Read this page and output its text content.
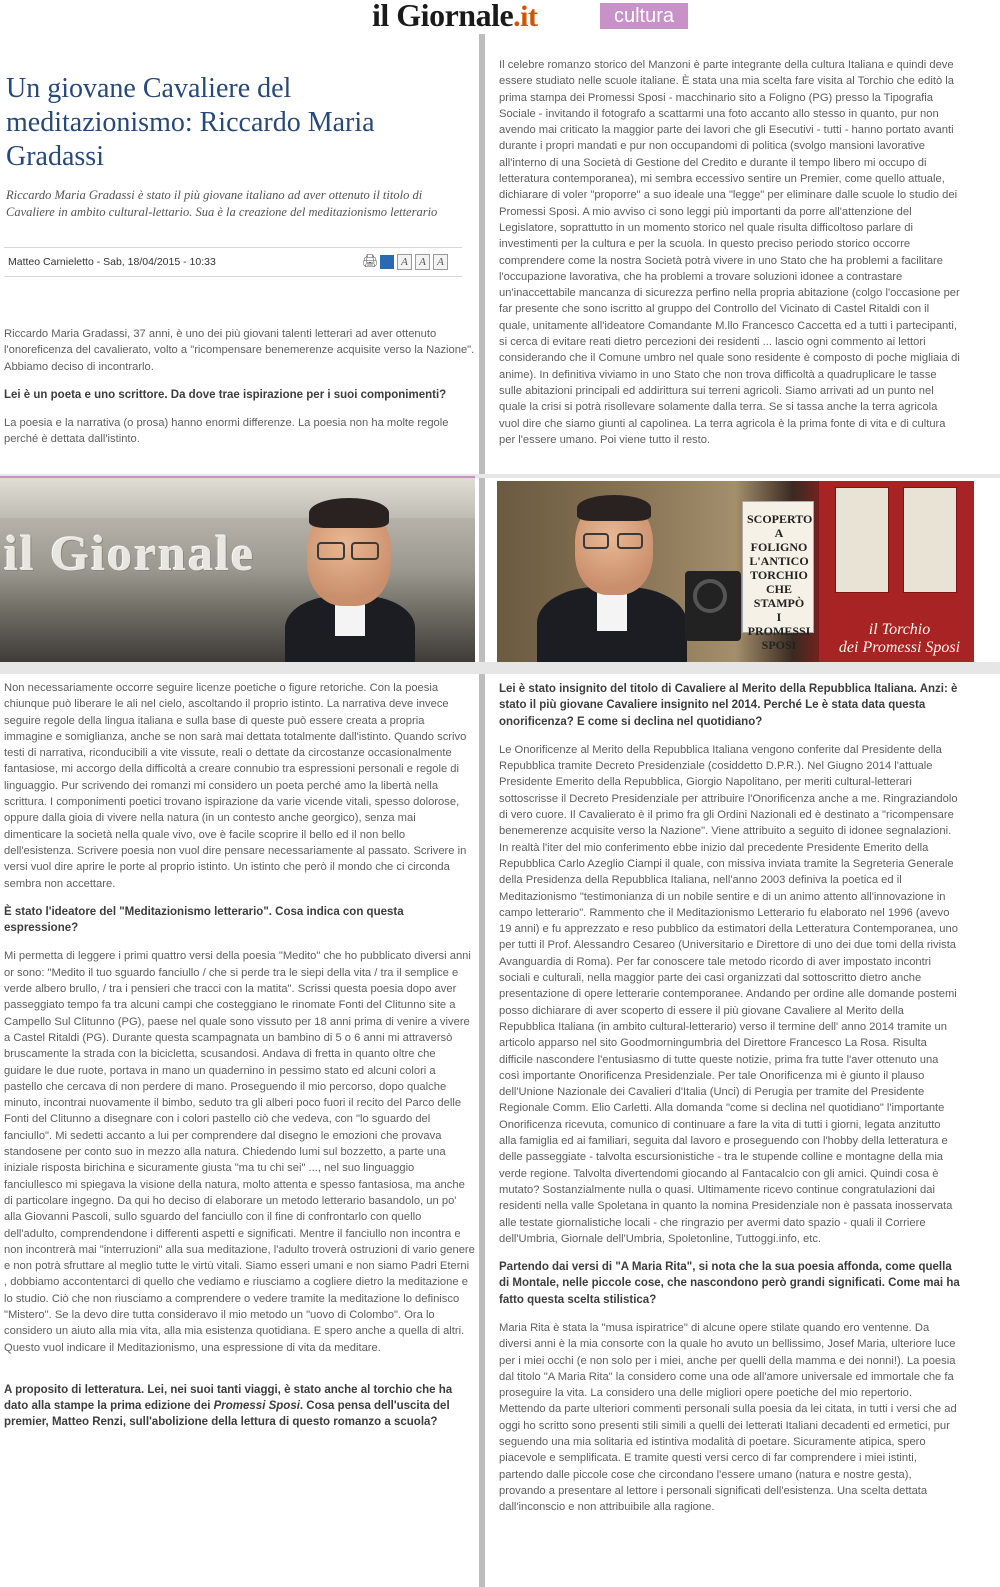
il Giornale.it	cultura
Un giovane Cavaliere del meditazionismo: Riccardo Maria Gradassi

Riccardo Maria Gradassi è stato il più giovane italiano ad aver ottenuto il titolo di Cavaliere in ambito cultural-lettario. Sua è la creazione del meditazionismo letterario

Matteo Carnieletto - Sab, 18/04/2015 - 10:33	🖨	A	A	A

Riccardo Maria Gradassi, 37 anni, è uno dei più giovani talenti letterari ad aver ottenuto l'onoreficenza del cavalierato, volto a "ricompensare benemerenze acquisite verso la Nazione". Abbiamo deciso di incontrarlo.

Lei è un poeta e uno scrittore. Da dove trae ispirazione per i suoi componimenti?

La poesia e la narrativa (o prosa) hanno enormi differenze. La poesia non ha molte regole perché è dettata dall'istinto.

il Giornale

Non necessariamente occorre seguire licenze poetiche o figure retoriche. Con la poesia chiunque può liberare le ali nel cielo, ascoltando il proprio istinto. La narrativa deve invece seguire regole della lingua italiana e sulla base di queste può essere creata a propria immagine e somiglianza, anche se non sarà mai dettata totalmente dall'istinto. Quando scrivo testi di narrativa, riconducibili a vite vissute, reali o dettate da circostanze occasionalmente fantasiose, mi accorgo della difficoltà a creare connubio tra espressioni personali e regole di linguaggio. Pur scrivendo dei romanzi mi considero un poeta perché amo la libertà nella scrittura. I componimenti poetici trovano ispirazione da varie vicende vitali, spesso dolorose, oppure dalla gioia di vivere nella natura (in un contesto anche georgico), senza mai dimenticare la società nella quale vivo, ove è facile scoprire il bello ed il non bello dell'esistenza. Scrivere poesia non vuol dire pensare necessariamente al passato. Scrivere in versi vuol dire aprire le porte al proprio istinto. Un istinto che però il mondo che ci circonda sembra non accettare.

È stato l'ideatore del "Meditazionismo letterario". Cosa indica con questa espressione?

Mi permetta di leggere i primi quattro versi della poesia "Medito" che ho pubblicato diversi anni or sono: "Medito il tuo sguardo fanciullo / che si perde tra le siepi della vita / tra il semplice e verde albero brullo, / tra i pensieri che tracci con la matita". Scrissi questa poesia dopo aver passeggiato tempo fa tra alcuni campi che costeggiano le rinomate Fonti del Clitunno site a Campello Sul Clitunno (PG), paese nel quale sono vissuto per 18 anni prima di venire a vivere a Castel Ritaldi (PG). Durante questa scampagnata un bambino di 5 o 6 anni mi attraversò bruscamente la strada con la bicicletta, scusandosi. Andava di fretta in quanto oltre che guidare le due ruote, portava in mano un quadernino in pessimo stato ed alcuni colori a pastello che cercava di non perdere di mano. Proseguendo il mio percorso, dopo qualche minuto, incontrai nuovamente il bimbo, seduto tra gli alberi poco fuori il recito del Parco delle Fonti del Clitunno a disegnare con i colori pastello ciò che vedeva, con "lo sguardo del fanciullo". Mi sedetti accanto a lui per comprendere dal disegno le emozioni che provava standosene per conto suo in mezzo alla natura. Chiedendo lumi sul bozzetto, a parte una iniziale risposta birichina e sicuramente giusta "ma tu chi sei" ..., nel suo linguaggio fanciullesco mi spiegava la visione della natura, molto attenta e spesso fantasiosa, ma anche di particolare ingegno. Da qui ho deciso di elaborare un metodo letterario basandolo, un po' alla Giovanni Pascoli, sullo sguardo del fanciullo con il fine di confrontarlo con quello dell'adulto, comprendendone i differenti aspetti e significati. Mentre il fanciullo non incontra e non incontrerà mai "interruzioni" alla sua meditazione, l'adulto troverà ostruzioni di vario genere e non potrà sfruttare al meglio tutte le virtù vitali. Siamo esseri umani e non siamo Padri Eterni , dobbiamo accontentarci di quello che vediamo e riusciamo a cogliere dietro la meditazione e lo studio. Ciò che non riusciamo a comprendere o vedere tramite la meditazione lo definisco "Mistero". Se la devo dire tutta consideravo il mio metodo un "uovo di Colombo". Ora lo considero un aiuto alla mia vita, alla mia esistenza quotidiana. E spero anche a quella di altri. Questo vuol indicare il Meditazionismo, una espressione di vita da meditare.

A proposito di letteratura. Lei, nei suoi tanti viaggi, è stato anche al torchio che ha dato alla stampe la prima edizione dei Promessi Sposi. Cosa pensa dell'uscita del premier, Matteo Renzi, sull'abolizione della lettura di questo romanzo a scuola?

Il celebre romanzo storico del Manzoni è parte integrante della cultura Italiana e quindi deve essere studiato nelle scuole italiane. È stata una mia scelta fare visita al Torchio che editò la prima stampa dei Promessi Sposi - macchinario sito a Foligno (PG) presso la Tipografia Sociale - invitando il fotografo a scattarmi una foto accanto allo stesso in quanto, pur non avendo mai criticato la maggior parte dei lavori che gli Esecutivi - tutti - hanno portato avanti durante i propri mandati e pur non occupandomi di politica (svolgo mansioni lavorative all'interno di una Società di Gestione del Credito e durante il tempo libero mi occupo di letteratura contemporanea), mi sembra eccessivo sentire un Premier, come quello attuale, dichiarare di voler "proporre" a suo ideale una "legge" per eliminare dalle scuole lo studio dei Promessi Sposi. A mio avviso ci sono leggi più importanti da porre all'attenzione del Legislatore, soprattutto in un momento storico nel quale risulta difficoltoso parlare di investimenti per la cultura e per la scuola. In questo preciso periodo storico occorre comprendere come la nostra Società potrà vivere in uno Stato che ha problemi a facilitare l'occupazione lavorativa, che ha problemi a trovare soluzioni idonee a contrastare un'inaccettabile mancanza di sicurezza perfino nella propria abitazione (colgo l'occasione per far presente che sono iscritto al gruppo del Controllo del Vicinato di Castel Ritaldi con il quale, unitamente all'ideatore Comandante M.llo Francesco Caccetta ed a tutti i partecipanti, si cerca di evitare reati dietro percezioni dei residenti ... lascio ogni commento ai lettori considerando che il Comune umbro nel quale sono residente è composto di poche migliaia di anime). In definitiva viviamo in uno Stato che non trova difficoltà a quadruplicare le tasse sulle abitazioni principali ed addirittura sui terreni agricoli. Siamo arrivati ad un punto nel quale la crisi si potrà risollevare solamente dalla terra. Se si tassa anche la terra agricola vuol dire che siamo giunti al capolinea. La terra agricola è la prima fonte di vita e di cultura per l'essere umano. Poi viene tutto il resto.

SCOPERTO
A FOLIGNO
L'ANTICO
TORCHIO
CHE STAMPÒ
I PROMESSI
SPOSI
il Torchio
dei Promessi Sposi

Lei è stato insignito del titolo di Cavaliere al Merito della Repubblica Italiana. Anzi: è stato il più giovane Cavaliere insignito nel 2014. Perché Le è stata data questa onorificenza? E come si declina nel quotidiano?

Le Onorificenze al Merito della Repubblica Italiana vengono conferite dal Presidente della Repubblica tramite Decreto Presidenziale (cosiddetto D.P.R.). Nel Giugno 2014 l'attuale Presidente Emerito della Repubblica, Giorgio Napolitano, per meriti cultural-letterari sottoscrisse il Decreto Presidenziale per attribuire l'Onorificenza anche a me. Ringraziandolo di vero cuore. Il Cavalierato è il primo fra gli Ordini Nazionali ed è destinato a "ricompensare benemerenze acquisite verso la Nazione". Viene attribuito a seguito di idonee segnalazioni. In realtà l'iter del mio conferimento ebbe inizio dal precedente Presidente Emerito della Repubblica Carlo Azeglio Ciampi il quale, con missiva inviata tramite la Segreteria Generale della Presidenza della Repubblica Italiana, nell'anno 2003 definiva la poetica ed il Meditazionismo "testimonianza di un nobile sentire e di un animo attento all'innovazione in campo letterario". Rammento che il Meditazionismo Letterario fu elaborato nel 1996 (avevo 19 anni) e fu apprezzato e reso pubblico da estimatori della Letteratura Contemporanea, uno per tutti il Prof. Alessandro Cesareo (Universitario e Direttore di uno dei due tomi della rivista Avanguardia di Roma). Per far conoscere tale metodo ricordo di aver impostato incontri sociali e culturali, nella maggior parte dei casi organizzati dal sottoscritto dietro anche presentazione di opere letterarie contemporanee. Andando per ordine alle domande postemi posso dichiarare di aver scoperto di essere il più giovane Cavaliere al Merito della Repubblica Italiana (in ambito cultural-letterario) verso il termine dell' anno 2014 tramite un articolo apparso nel sito Goodmorningumbria del Direttore Francesco La Rosa. Risulta difficile nascondere l'entusiasmo di tutte queste notizie, prima fra tutte l'aver ottenuto una così importante Onorificenza Presidenziale. Per tale Onorificenza mi è giunto il plauso dell'Unione Nazionale dei Cavalieri d'Italia (Unci) di Perugia per tramite del Presidente Regionale Comm. Elio Carletti. Alla domanda "come si declina nel quotidiano" l'importante Onorificenza ricevuta, comunico di continuare a fare la vita di tutti i giorni, legata anzitutto alla famiglia ed ai familiari, seguita dal lavoro e proseguendo con l'hobby della letteratura e delle passeggiate - talvolta escursionistiche - tra le stupende colline e montagne della mia verde regione. Talvolta divertendomi giocando al Fantacalcio con gli amici. Quindi cosa è mutato? Sostanzialmente nulla o quasi. Ultimamente ricevo continue congratulazioni dai residenti nella valle Spoletana in quanto la nomina Presidenziale non è passata inosservata alle testate giornalistiche locali - che ringrazio per avermi dato spazio - quali il Corriere dell'Umbria, Giornale dell'Umbria, Spoletonline, Tuttoggi.info, etc.

Partendo dai versi di "A Maria Rita", si nota che la sua poesia affonda, come quella di Montale, nelle piccole cose, che nascondono però grandi significati. Come mai ha fatto questa scelta stilistica?

Maria Rita è stata la "musa ispiratrice" di alcune opere stilate quando ero ventenne. Da diversi anni è la mia consorte con la quale ho avuto un bellissimo, Josef Maria, ulteriore luce per i miei occhi (e non solo per i miei, anche per quelli della mamma e dei nonni!). La poesia dal titolo "A Maria Rita" la considero come una ode all'amore universale ed immortale che fa proseguire la vita. La considero una delle migliori opere poetiche del mio repertorio. Mettendo da parte ulteriori commenti personali sulla poesia da lei citata, in tutti i versi che ad oggi ho scritto sono presenti stili simili a quelli dei letterati Italiani decadenti ed ermetici, pur seguendo una mia solitaria ed istintiva modalità di poetare. Sicuramente atipica, spero piacevole e semplificata. E tramite questi versi cerco di far comprendere i miei istinti, partendo dalle piccole cose che circondano l'essere umano (natura e nostre gesta), provando a presentare al lettore i personali significati dell'esistenza. Una scelta dettata dall'inconscio e non attribuibile alla ragione.
